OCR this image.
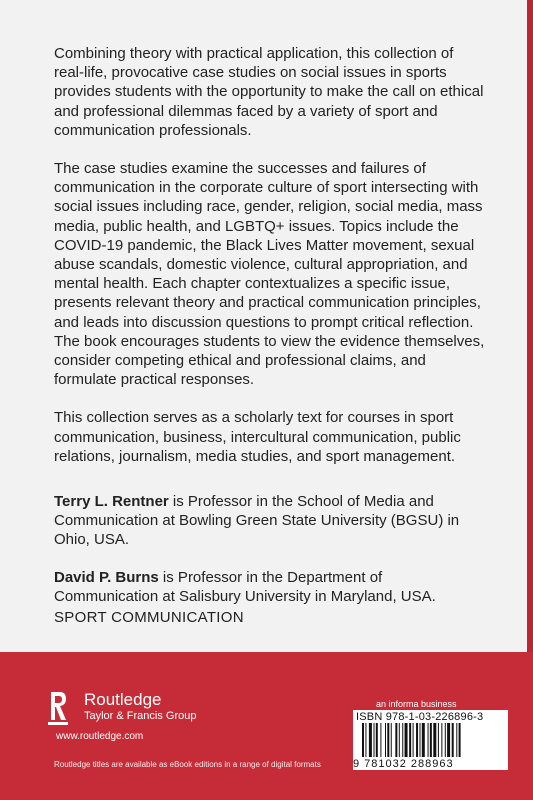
Combining theory with practical application, this collection of real-life, provocative case studies on social issues in sports provides students with the opportunity to make the call on ethical and professional dilemmas faced by a variety of sport and communication professionals.

The case studies examine the successes and failures of communication in the corporate culture of sport intersecting with social issues including race, gender, religion, social media, mass media, public health, and LGBTQ+ issues. Topics include the COVID-19 pandemic, the Black Lives Matter movement, sexual abuse scandals, domestic violence, cultural appropriation, and mental health. Each chapter contextualizes a specific issue, presents relevant theory and practical communication principles, and leads into discussion questions to prompt critical reflection. The book encourages students to view the evidence themselves, consider competing ethical and professional claims, and formulate practical responses.

This collection serves as a scholarly text for courses in sport communication, business, intercultural communication, public relations, journalism, media studies, and sport management.

Terry L. Rentner is Professor in the School of Media and Communication at Bowling Green State University (BGSU) in Ohio, USA.

David P. Burns is Professor in the Department of Communication at Salisbury University in Maryland, USA.

SPORT COMMUNICATION
Routledge
Taylor & Francis Group
www.routledge.com
Routledge titles are available as eBook editions in a range of digital formats
an informa business
ISBN 978-1-03-226896-3
9 781032 288963
